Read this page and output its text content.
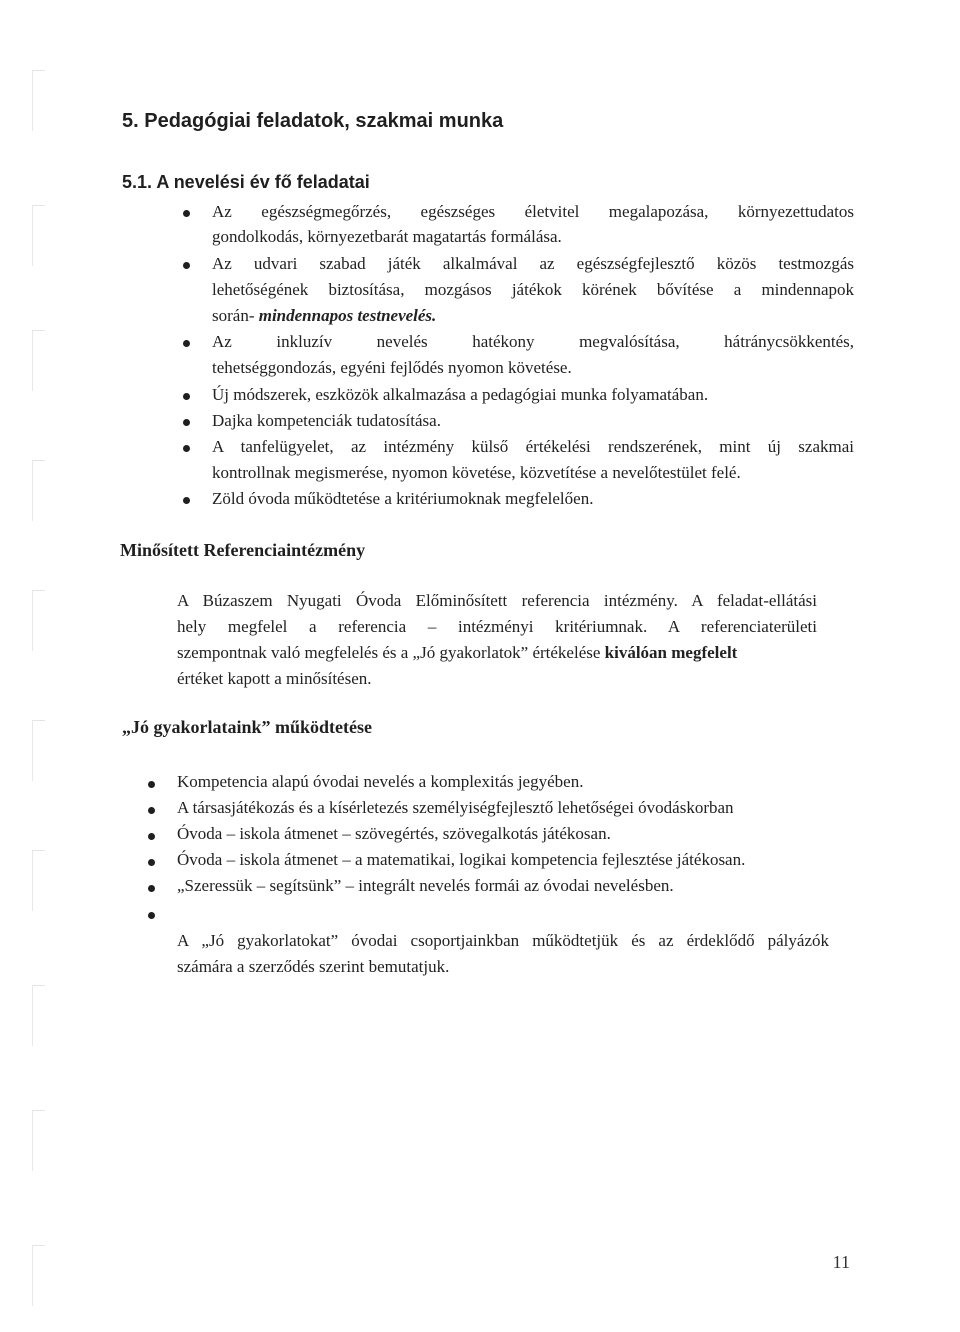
5. Pedagógiai feladatok, szakmai munka
5.1. A nevelési év fő feladatai
Az egészségmegőrzés, egészséges életvitel megalapozása, környezettudatos
gondolkodás, környezetbarát magatartás formálása.
Az udvari szabad játék alkalmával az egészségfejlesztő közös testmozgás
lehetőségének biztosítása, mozgásos játékok körének bővítése a mindennapok
során- mindennapos testnevelés.
Az inkluzív nevelés hatékony megvalósítása, hátránycsökkentés,
tehetséggondozás, egyéni fejlődés nyomon követése.
Új módszerek, eszközök alkalmazása a pedagógiai munka folyamatában.
Dajka kompetenciák tudatosítása.
A tanfelügyelet, az intézmény külső értékelési rendszerének, mint új szakmai
kontrollnak megismerése, nyomon követése, közvetítése a nevelőtestület felé.
Zöld óvoda működtetése a kritériumoknak megfelelően.
Minősített Referenciaintézmény
A Búzaszem Nyugati Óvoda Előminősített referencia intézmény. A feladat-ellátási
hely megfelel a referencia – intézményi kritériumnak. A referenciaterületi
szempontnak való megfelelés és a „Jó gyakorlatok” értékelése kiválóan megfelelt
értéket kapott a minősítésen.
„Jó gyakorlataink” működtetése
Kompetencia alapú óvodai nevelés a komplexitás jegyében.
A társasjátékozás és a kísérletezés személyiségfejlesztő lehetőségei óvodáskorban
Óvoda – iskola átmenet – szövegértés, szövegalkotás játékosan.
Óvoda – iskola átmenet – a matematikai, logikai kompetencia fejlesztése játékosan.
„Szeressük – segítsünk” – integrált nevelés formái az óvodai nevelésben.
A „Jó gyakorlatokat” óvodai csoportjainkban működtetjük és az érdeklődő pályázók
számára a szerződés szerint bemutatjuk.
11
